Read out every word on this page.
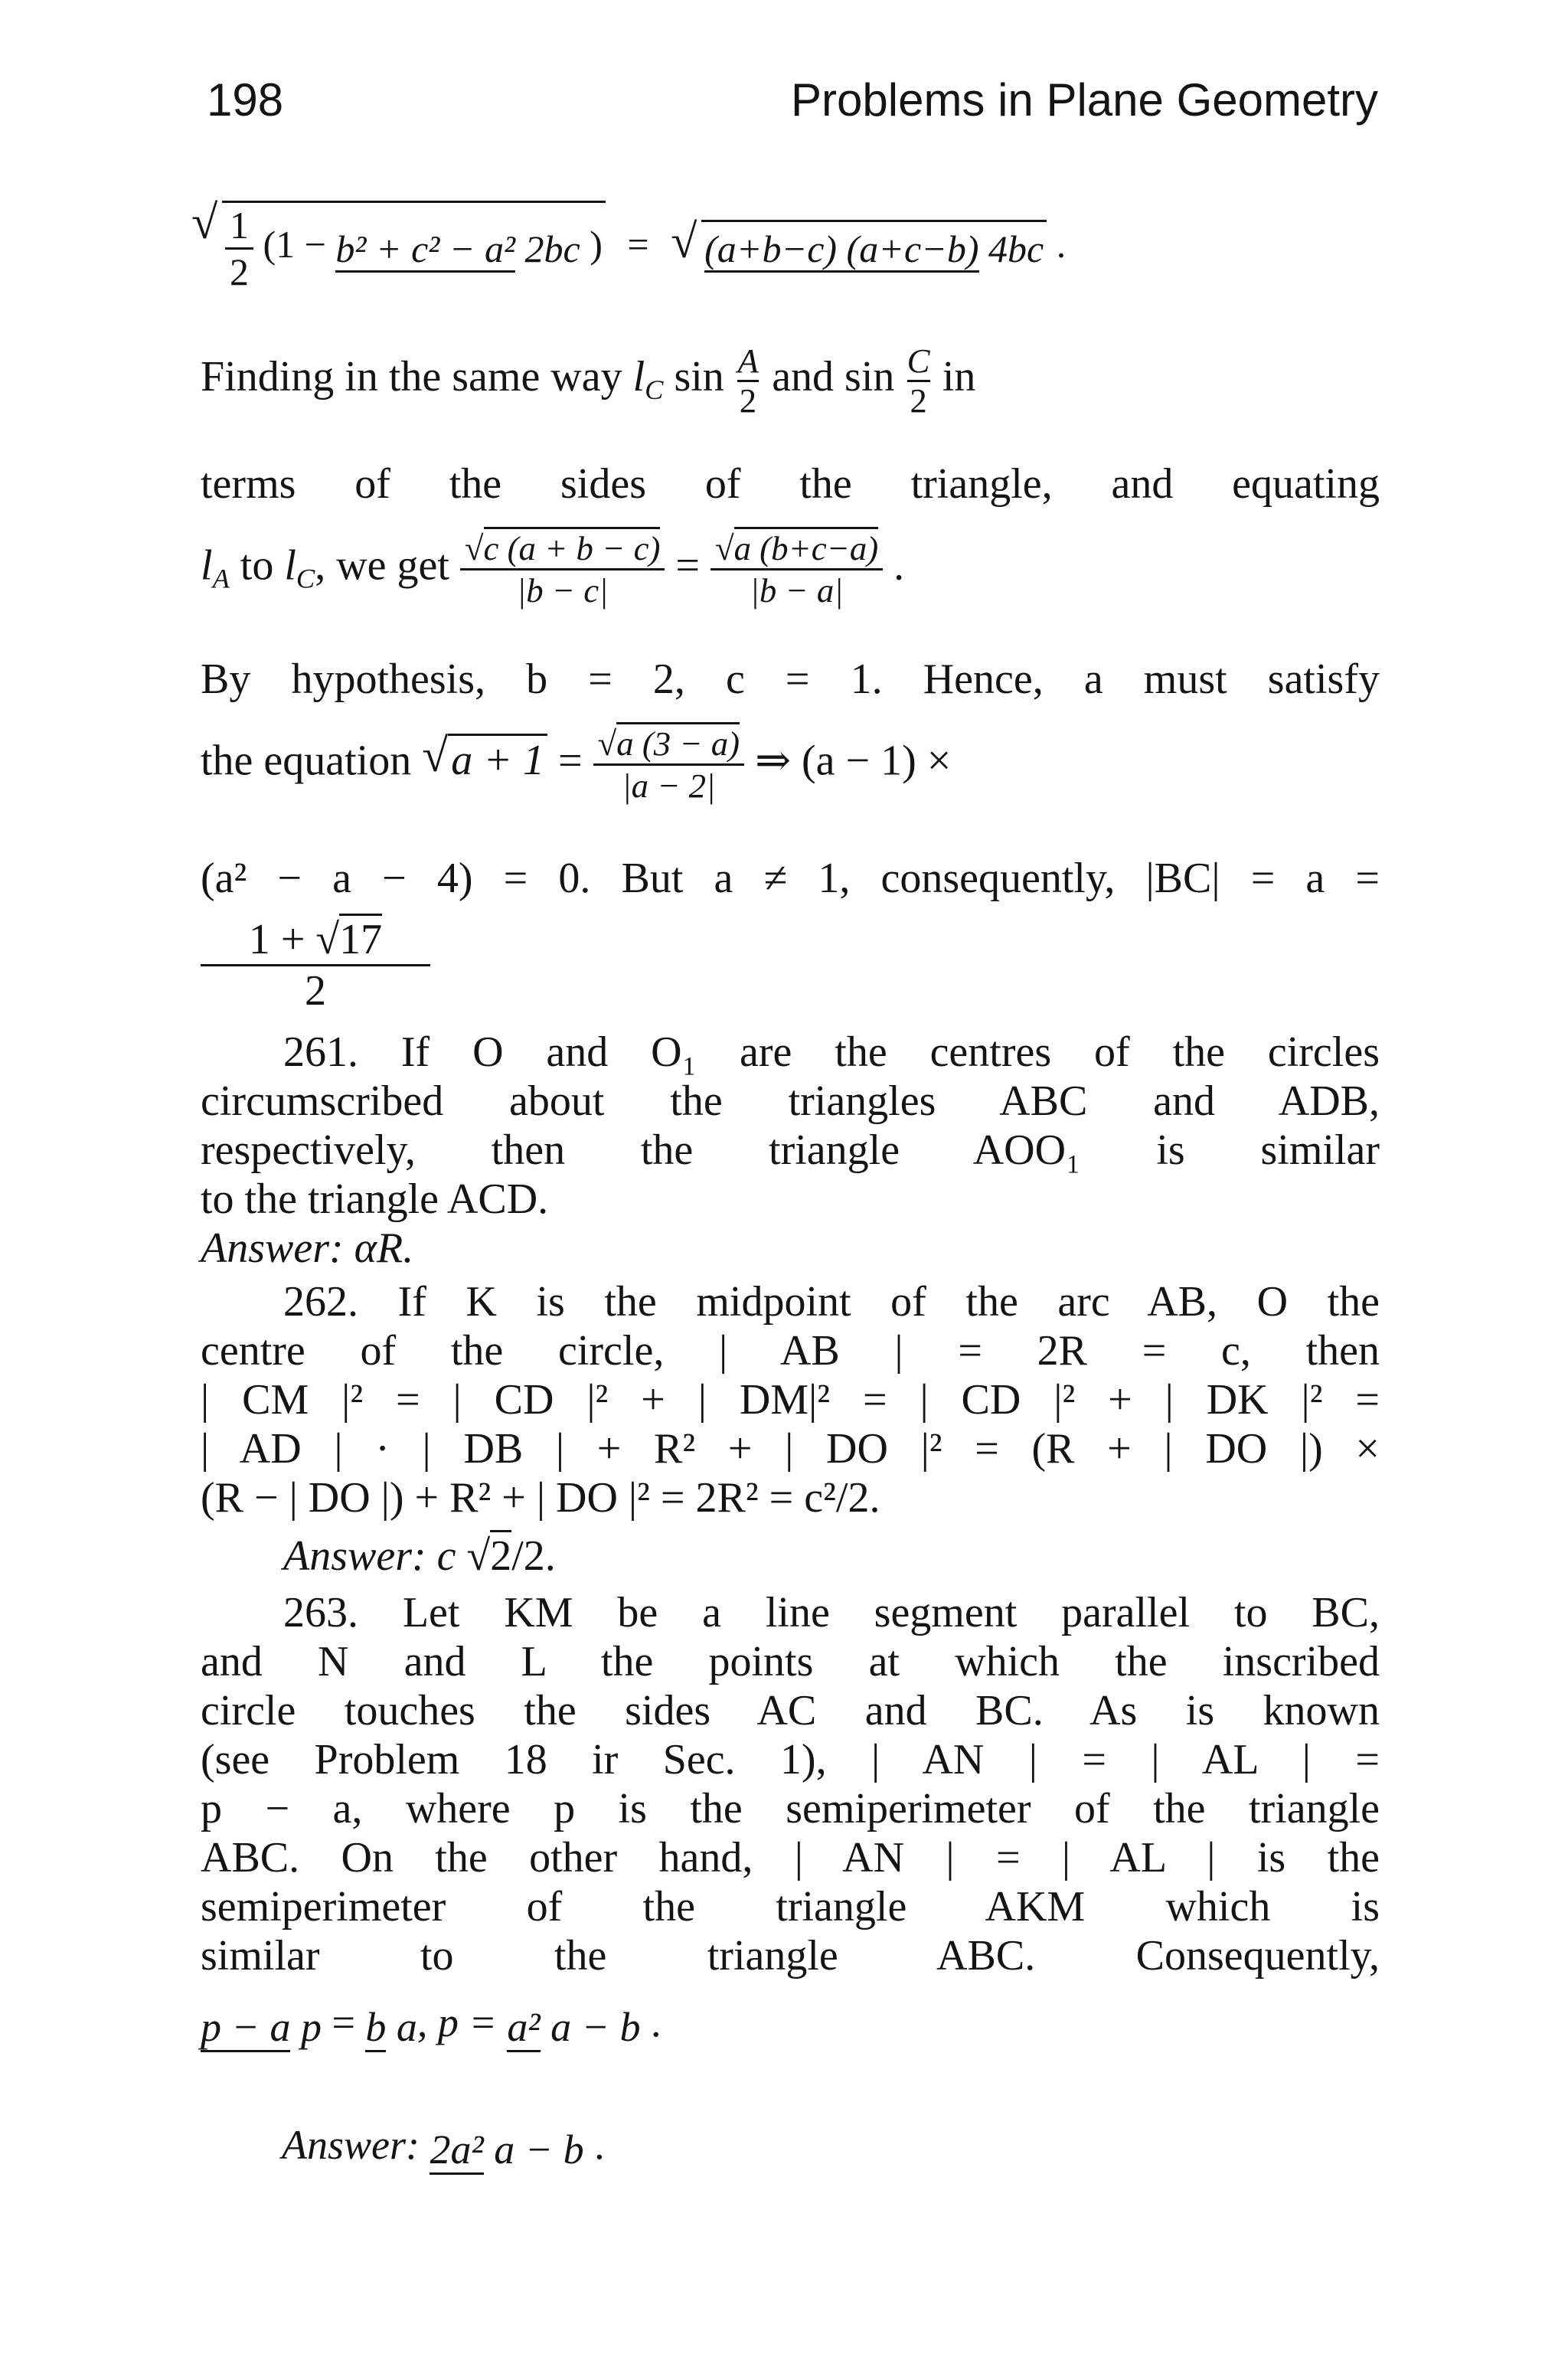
198	Problems in Plane Geometry
√ $\frac{1}{2} (1 - b^2 + c^2 - a^2$ 2bc ) = √ (a+b−c) (a+c−b) 4bc .
Finding in the same way $l_C$ $\sin \frac{A}{2}$ and $\sin \frac{C}{2}$ in
terms of the sides of the triangle, and equating
$l_A$ to $l_C$, we get $\frac{√c (a + b - c)}{|b - c|} = \frac{√a (b+c-a)}{|b - a|}$ .
By hypothesis, b = 2, c = 1. Hence, a must satisfy
the equation √ $a + 1 = \frac{√a (3 - a)}{|a - 2|}$ ⇒ (a − 1) ×
(a² − a − 4) = 0. But a ≠ 1, consequently, |BC| = a =
$\frac{1 + √17}{2}$
261. If O and O₁ are the centres of the circles
circumscribed about the triangles ABC and ADB,
respectively, then the triangle AOO₁ is similar
to the triangle ACD.
Answer: αR.
262. If K is the midpoint of the arc AB, O the
centre of the circle, | AB | = 2R = c, then
| CM |² = | CD |² + | DM|² = | CD |² + | DK |² =
| AD | · | DB | + R² + | DO |² = (R + | DO |) ×
(R − | DO |) + R² + | DO |² = 2R² = c²/2.
Answer: c √2/2.
263. Let KM be a line segment parallel to BC,
and N and L the points at which the inscribed
circle touches the sides AC and BC. As is known
(see Problem 18 ir Sec. 1), | AN | = | AL | =
p − a, where p is the semiperimeter of the triangle
ABC. On the other hand, | AN | = | AL | is the
semiperimeter of the triangle AKM which is
similar to the triangle ABC. Consequently,
p − a p = b a, p = a² a − b .
Answer: 2a² a − b .
